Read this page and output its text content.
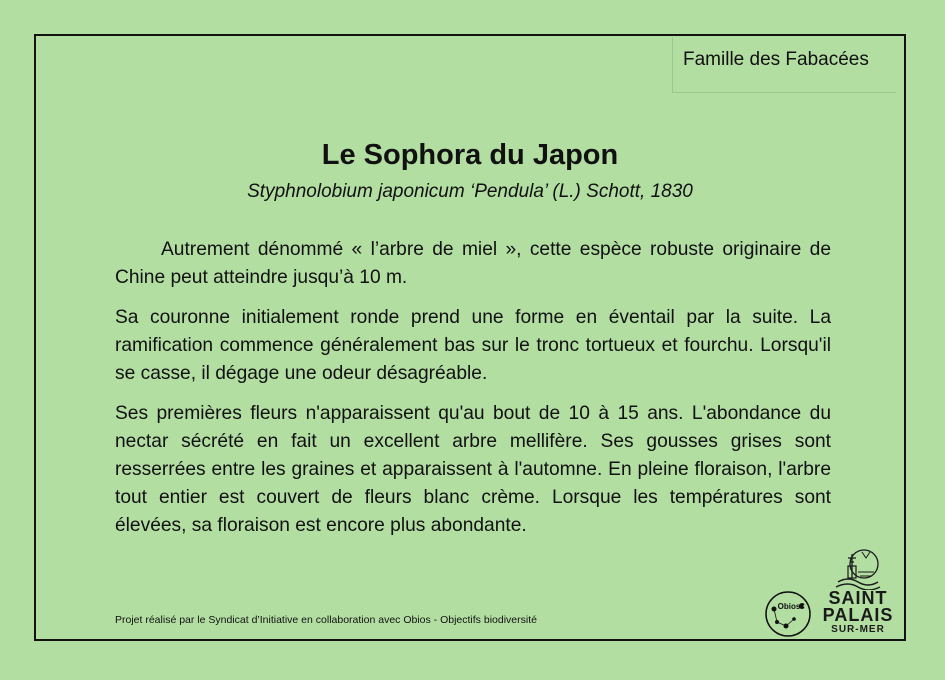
Famille des Fabacées
Le Sophora du Japon
Styphnolobium japonicum ‘Pendula’ (L.) Schott, 1830

Autrement dénommé « l’arbre de miel », cette espèce robuste originaire de Chine peut atteindre jusqu’à 10 m.

Sa couronne initialement ronde prend une forme en éventail par la suite. La ramification commence généralement bas sur le tronc tortueux et fourchu. Lorsqu'il se casse, il dégage une odeur désagréable.

Ses premières fleurs n'apparaissent qu'au bout de 10 à 15 ans. L'abondance du nectar sécrété en fait un excellent arbre mellifère. Ses gousses grises sont resserrées entre les graines et apparaissent à l'automne. En pleine floraison, l'arbre tout entier est couvert de fleurs blanc crème. Lorsque les températures sont élevées, sa floraison est encore plus abondante.

Projet réalisé par le Syndicat d’Initiative en collaboration avec Obios - Objectifs biodiversité
Obios	SAINT PALAIS
SUR-MER
